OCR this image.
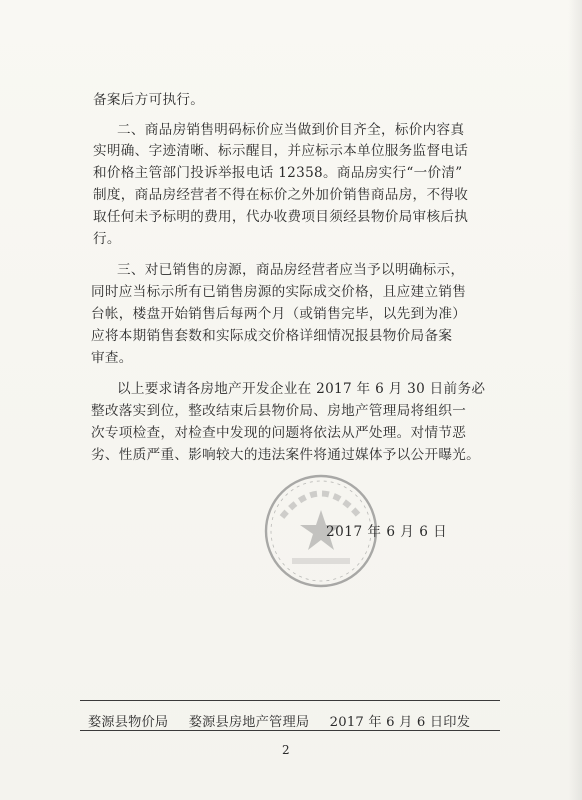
备案后方可执行。
二、商品房销售明码标价应当做到价目齐全，标价内容真
实明确、字迹清晰、标示醒目，并应标示本单位服务监督电话
和价格主管部门投诉举报电话 12358。商品房实行“一价清”
制度，商品房经营者不得在标价之外加价销售商品房，不得收
取任何未予标明的费用，代办收费项目须经县物价局审核后执
行。
三、对已销售的房源，商品房经营者应当予以明确标示，
同时应当标示所有已销售房源的实际成交价格，且应建立销售
台帐，楼盘开始销售后每两个月（或销售完毕，以先到为准）
应将本期销售套数和实际成交价格详细情况报县物价局备案
审查。
以上要求请各房地产开发企业在 2017 年 6 月 30 日前务必
整改落实到位，整改结束后县物价局、房地产管理局将组织一
次专项检查，对检查中发现的问题将依法从严处理。对情节恶
劣、性质严重、影响较大的违法案件将通过媒体予以公开曝光。
2017 年 6 月 6 日
婺源县物价局 婺源县房地产管理局 2017 年 6 月 6 日印发
2
